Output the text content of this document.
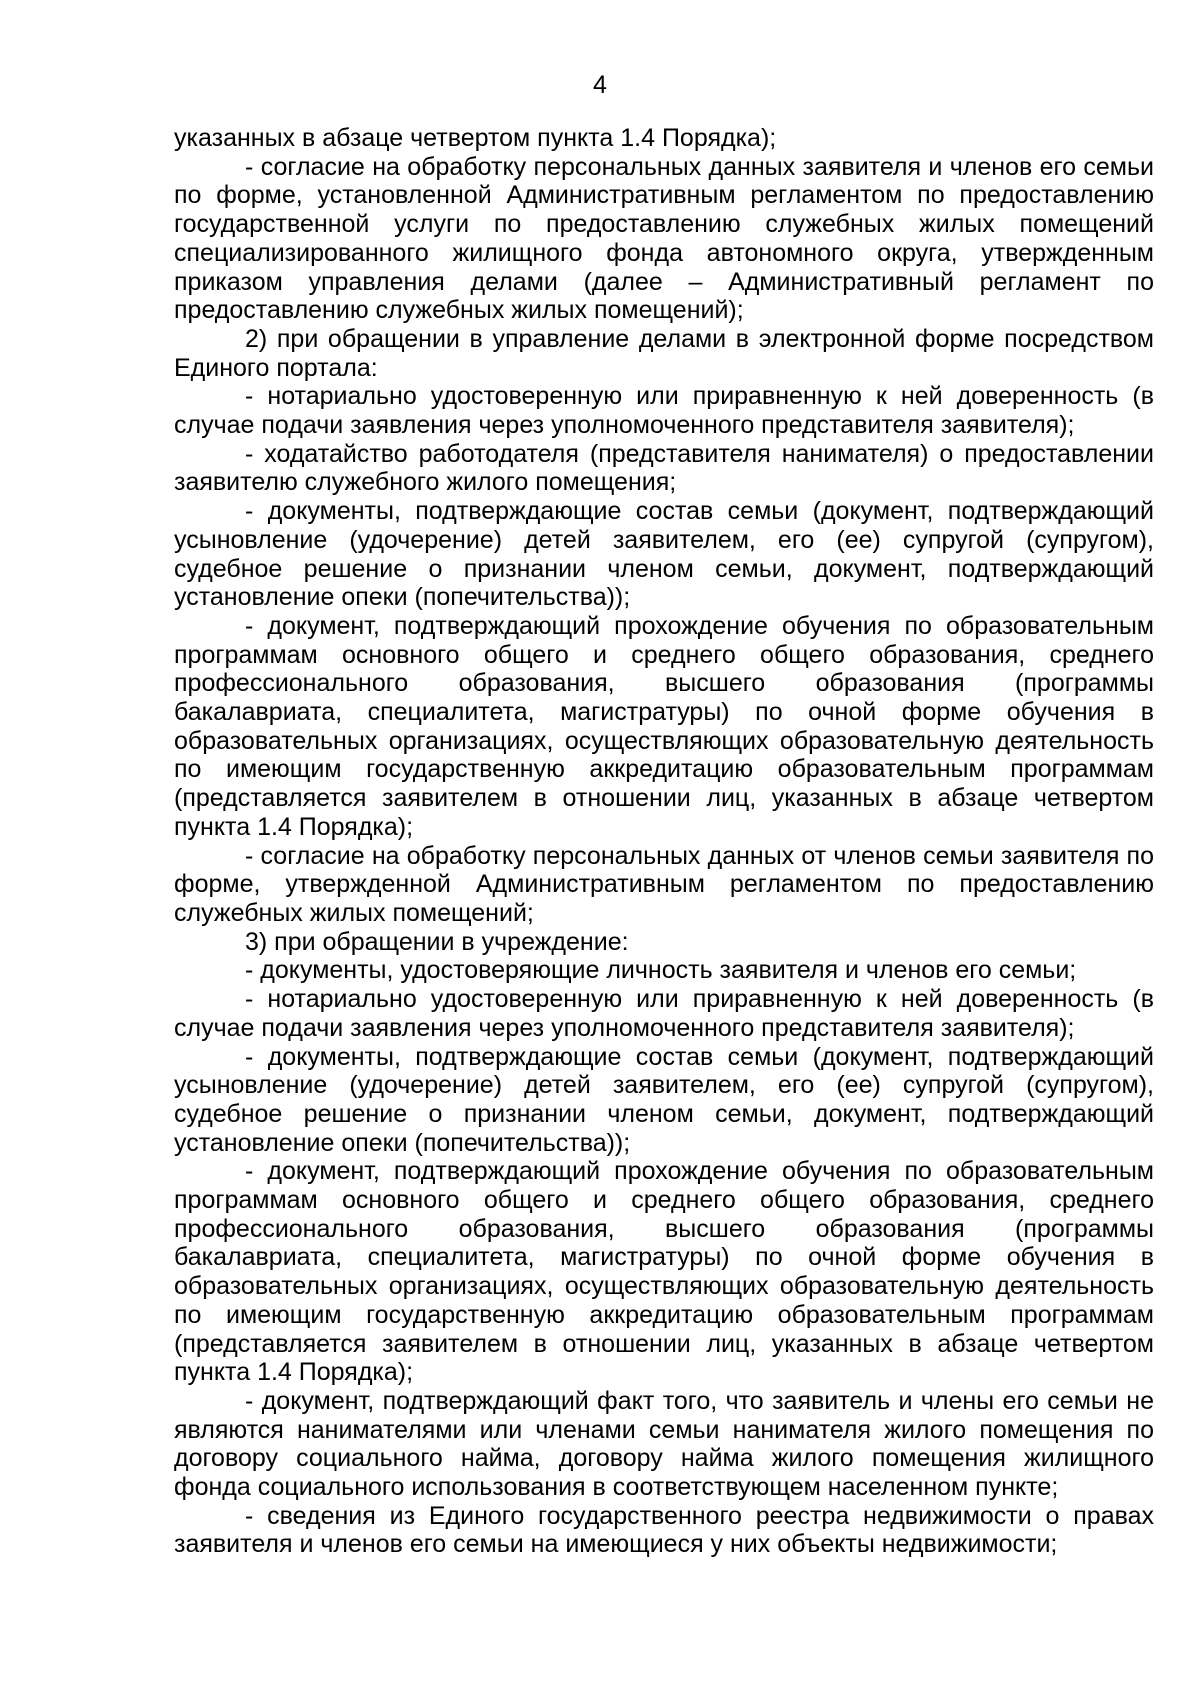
4

указанных в абзаце четвертом пункта 1.4 Порядка);

- согласие на обработку персональных данных заявителя и членов его семьи по форме, установленной Административным регламентом по предоставлению государственной услуги по предоставлению служебных жилых помещений специализированного жилищного фонда автономного округа, утвержденным приказом управления делами (далее – Административный регламент по предоставлению служебных жилых помещений);

2) при обращении в управление делами в электронной форме посредством Единого портала:

- нотариально удостоверенную или приравненную к ней доверенность (в случае подачи заявления через уполномоченного представителя заявителя);

- ходатайство работодателя (представителя нанимателя) о предоставлении заявителю служебного жилого помещения;

- документы, подтверждающие состав семьи (документ, подтверждающий усыновление (удочерение) детей заявителем, его (ее) супругой (супругом), судебное решение о признании членом семьи, документ, подтверждающий установление опеки (попечительства));

- документ, подтверждающий прохождение обучения по образовательным программам основного общего и среднего общего образования, среднего профессионального образования, высшего образования (программы бакалавриата, специалитета, магистратуры) по очной форме обучения в образовательных организациях, осуществляющих образовательную деятельность по имеющим государственную аккредитацию образовательным программам (представляется заявителем в отношении лиц, указанных в абзаце четвертом пункта 1.4 Порядка);

- согласие на обработку персональных данных от членов семьи заявителя по форме, утвержденной Административным регламентом по предоставлению служебных жилых помещений;

3) при обращении в учреждение:

- документы, удостоверяющие личность заявителя и членов его семьи;

- нотариально удостоверенную или приравненную к ней доверенность (в случае подачи заявления через уполномоченного представителя заявителя);

- документы, подтверждающие состав семьи (документ, подтверждающий усыновление (удочерение) детей заявителем, его (ее) супругой (супругом), судебное решение о признании членом семьи, документ, подтверждающий установление опеки (попечительства));

- документ, подтверждающий прохождение обучения по образовательным программам основного общего и среднего общего образования, среднего профессионального образования, высшего образования (программы бакалавриата, специалитета, магистратуры) по очной форме обучения в образовательных организациях, осуществляющих образовательную деятельность по имеющим государственную аккредитацию образовательным программам (представляется заявителем в отношении лиц, указанных в абзаце четвертом пункта 1.4 Порядка);

- документ, подтверждающий факт того, что заявитель и члены его семьи не являются нанимателями или членами семьи нанимателя жилого помещения по договору социального найма, договору найма жилого помещения жилищного фонда социального использования в соответствующем населенном пункте;

- сведения из Единого государственного реестра недвижимости о правах заявителя и членов его семьи на имеющиеся у них объекты недвижимости;
